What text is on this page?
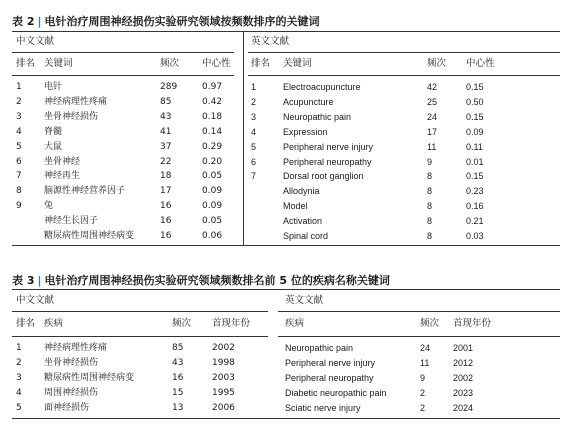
表 2 | 电针治疗周围神经损伤实验研究领域按频数排序的关键词
中文文献	英文文献
排名 关键词	频次 中心性 排名 关键词	频次 中心性
1 电针	289	0.97
2 神经病理性疼痛	85	0.42
3 坐骨神经损伤	43	0.18
4 脊髓	41	0.14
5 大鼠	37	0.29
6 坐骨神经	22	0.20
7 神经再生	18	0.05
8 脑源性神经营养因子	17	0.09
9 兔	16	0.09
神经生长因子	16	0.05
糖尿病性周围神经病变	16	0.06
1	Electroacupuncture	42	0.15
2	Acupuncture	25	0.50
3	Neuropathic pain	24	0.15
4	Expression	17	0.09
5	Peripheral nerve injury	11	0.11
6	Peripheral neuropathy	9	0.01
7	Dorsal root ganglion	8	0.15
Allodynia	8	0.23
Model	8	0.16
Activation	8	0.21
Spinal cord	8	0.03
表 3 | 电针治疗周围神经损伤实验研究领域频数排名前 5 位的疾病名称关键词
中文文献	英文文献
排名 疾病	频次 首现年份	疾病	频次 首现年份
1 神经病理性疼痛	85	2002
2 坐骨神经损伤	43	1998
3 糖尿病性周围神经病变	16	2003
4 周围神经损伤	15	1995
5 面神经损伤	13	2006
Neuropathic pain	24	2001
Peripheral nerve injury	11	2012
Peripheral neuropathy	9	2002
Diabetic neuropathic pain	2	2023
Sciatic nerve injury	2	2024
